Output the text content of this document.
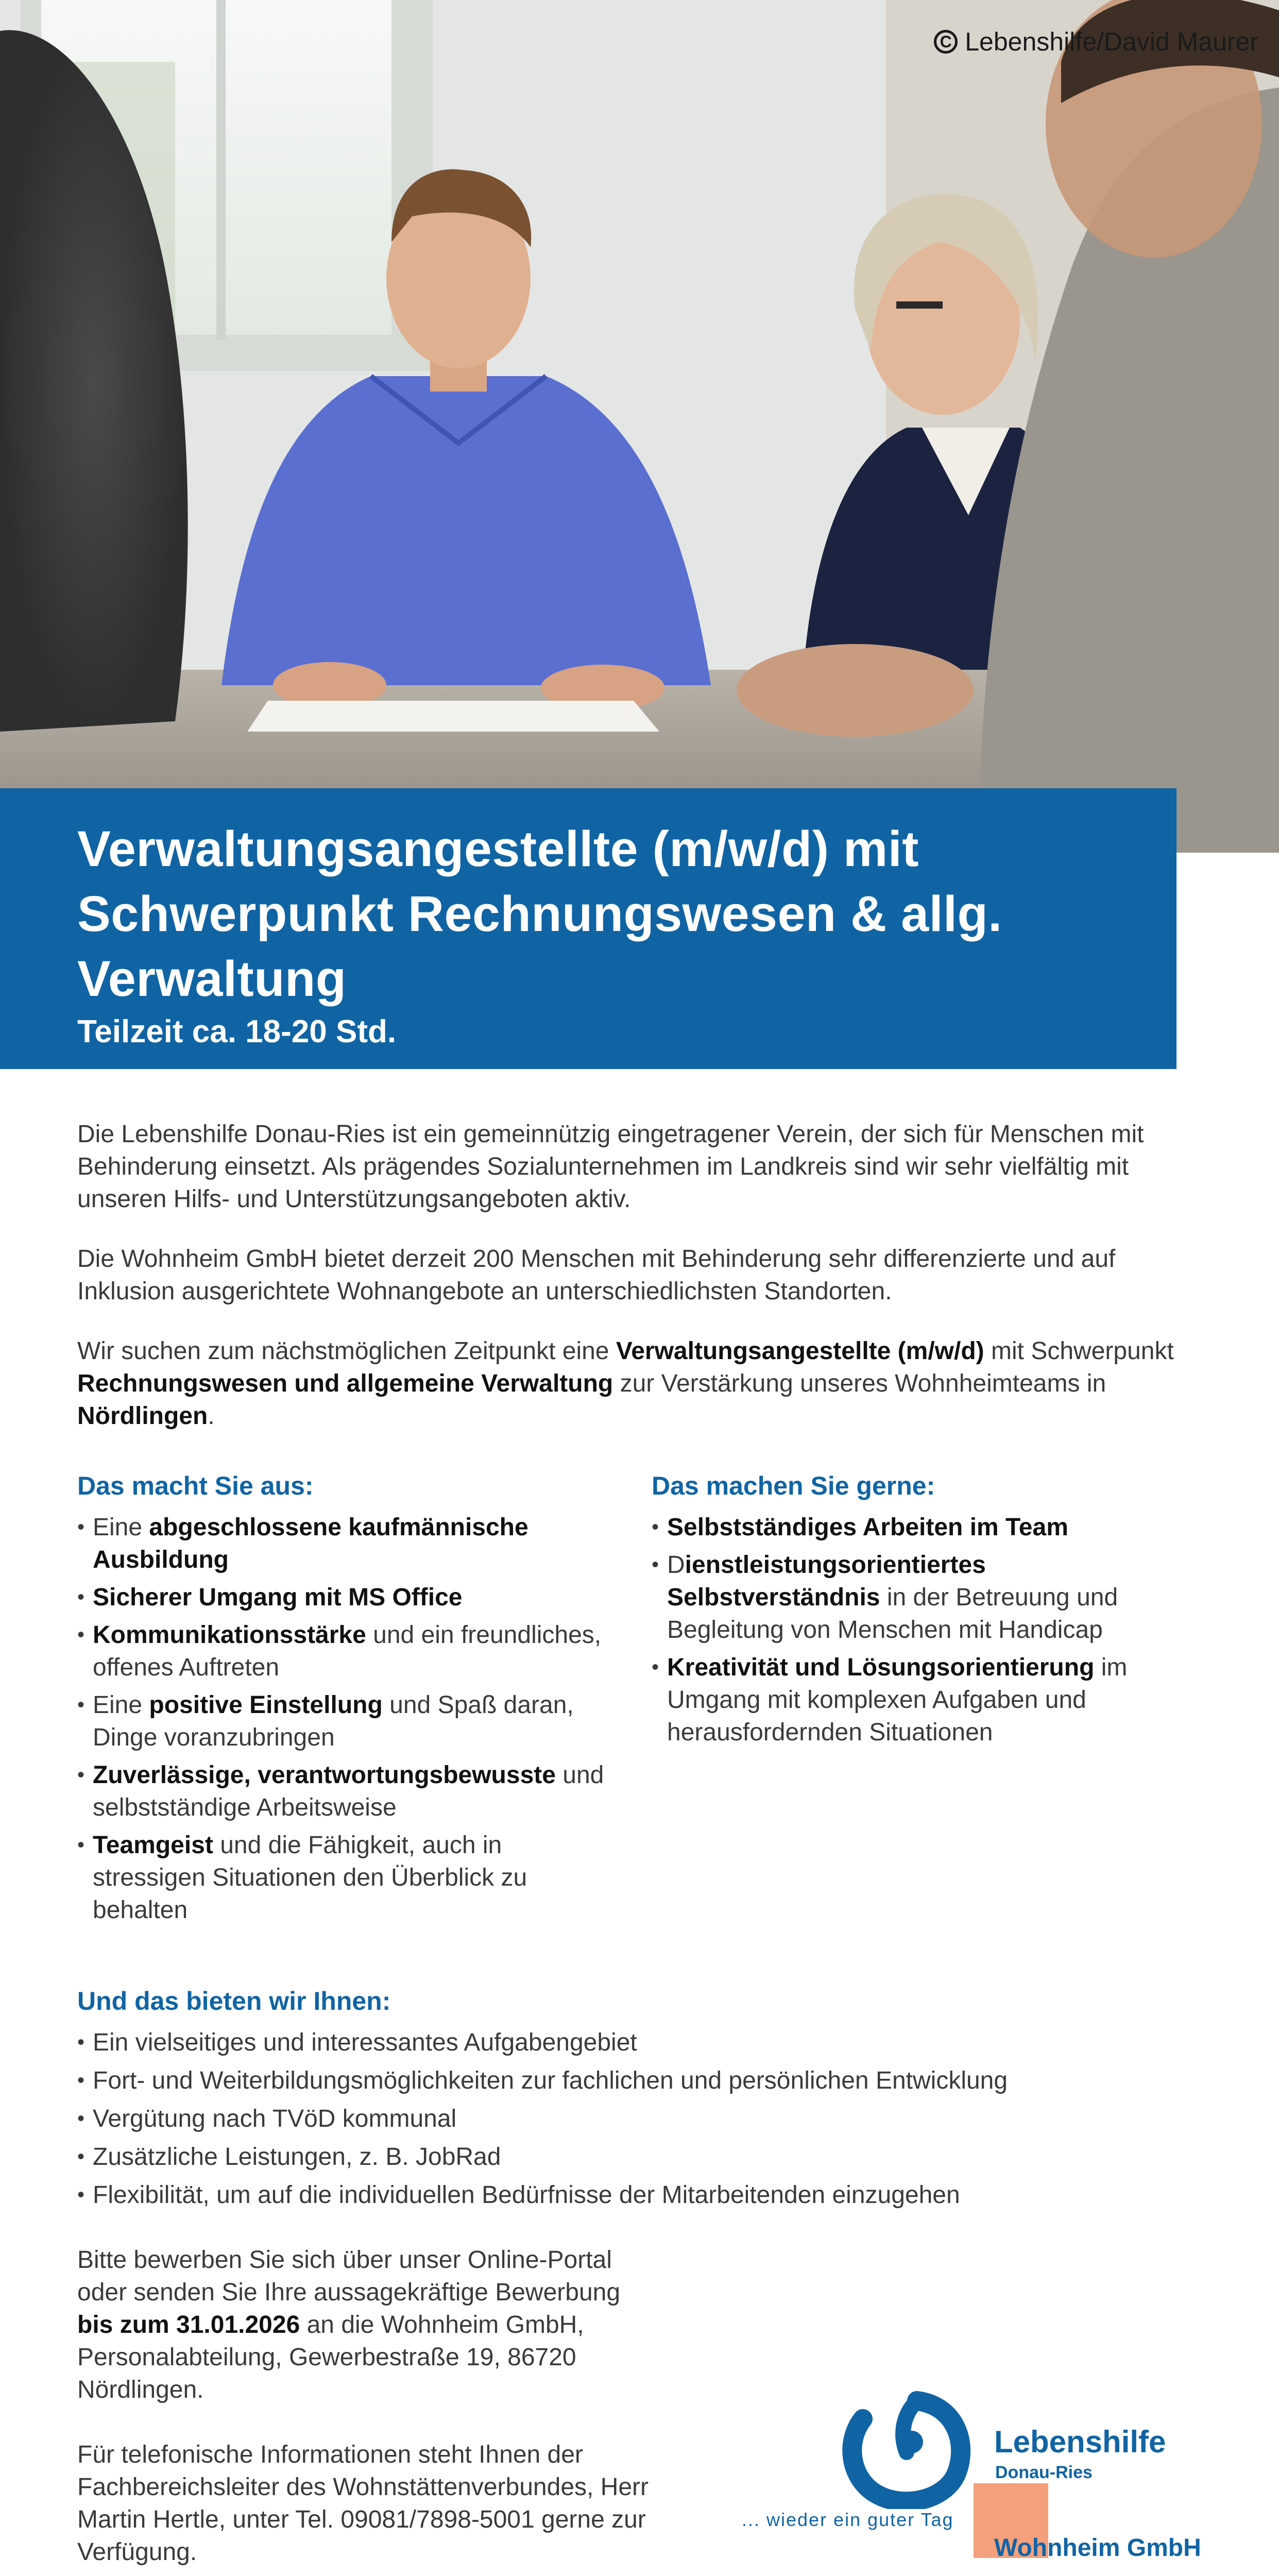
C Lebenshilfe/David Maurer
Verwaltungsangestellte (m/w/d) mit Schwerpunkt Rechnungswesen & allg. Verwaltung
Teilzeit ca. 18-20 Std.

Die Lebenshilfe Donau-Ries ist ein gemeinnützig eingetragener Verein, der sich für Menschen mit Behinderung einsetzt. Als prägendes Sozialunternehmen im Landkreis sind wir sehr vielfältig mit unseren Hilfs- und Unterstützungsangeboten aktiv.

Die Wohnheim GmbH bietet derzeit 200 Menschen mit Behinderung sehr differenzierte und auf Inklusion ausgerichtete Wohnangebote an unterschiedlichsten Standorten.

Wir suchen zum nächstmöglichen Zeitpunkt eine Verwaltungsangestellte (m/w/d) mit Schwerpunkt Rechnungswesen und allgemeine Verwaltung zur Verstärkung unseres Wohnheimteams in Nördlingen.

Das macht Sie aus:
• Eine abgeschlossene kaufmännische Ausbildung
• Sicherer Umgang mit MS Office
• Kommunikationsstärke und ein freundliches, offenes Auftreten
• Eine positive Einstellung und Spaß daran, Dinge voranzubringen
• Zuverlässige, verantwortungsbewusste und selbstständige Arbeitsweise
• Teamgeist und die Fähigkeit, auch in stressigen Situationen den Überblick zu behalten
Das machen Sie gerne:
• Selbstständiges Arbeiten im Team
• Dienstleistungsorientiertes Selbstverständnis in der Betreuung und Begleitung von Menschen mit Handicap
• Kreativität und Lösungsorientierung im Umgang mit komplexen Aufgaben und herausfordernden Situationen
Und das bieten wir Ihnen:
• Ein vielseitiges und interessantes Aufgabengebiet
• Fort- und Weiterbildungsmöglichkeiten zur fachlichen und persönlichen Entwicklung
• Vergütung nach TVöD kommunal
• Zusätzliche Leistungen, z. B. JobRad
• Flexibilität, um auf die individuellen Bedürfnisse der Mitarbeitenden einzugehen

Bitte bewerben Sie sich über unser Online-Portal oder senden Sie Ihre aussagekräftige Bewerbung bis zum 31.01.2026 an die Wohnheim GmbH, Personalabteilung, Gewerbestraße 19, 86720 Nördlingen.

Für telefonische Informationen steht Ihnen der Fachbereichsleiter des Wohnstättenverbundes, Herr Martin Hertle, unter Tel. 09081/7898-5001 gerne zur Verfügung.

Lebenshilfe
Donau-Ries
... wieder ein guter Tag
Wohnheim GmbH
